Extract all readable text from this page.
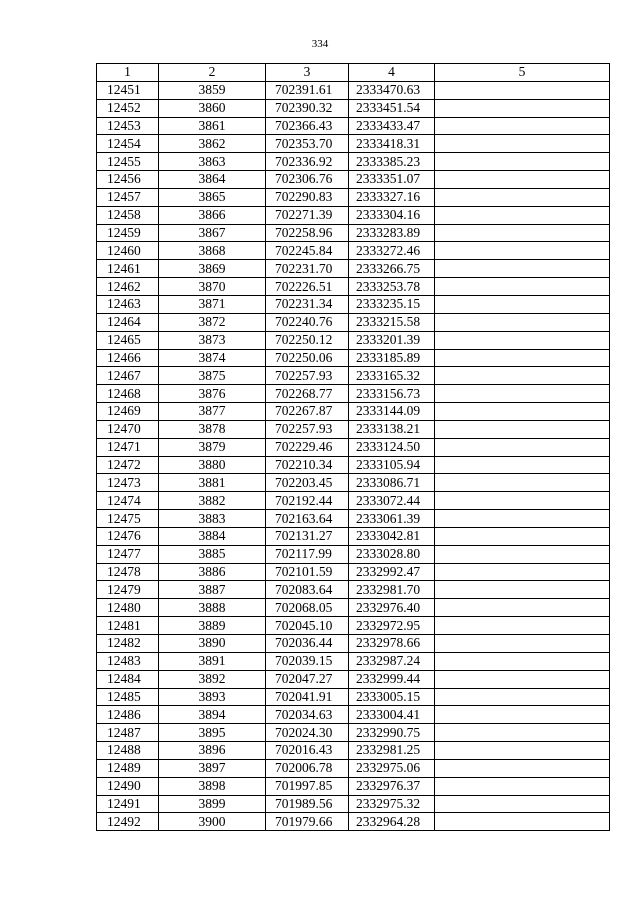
334
1	2	3	4	5
12451	3859	702391.61	2333470.63	
12452	3860	702390.32	2333451.54	
12453	3861	702366.43	2333433.47	
12454	3862	702353.70	2333418.31	
12455	3863	702336.92	2333385.23	
12456	3864	702306.76	2333351.07	
12457	3865	702290.83	2333327.16	
12458	3866	702271.39	2333304.16	
12459	3867	702258.96	2333283.89	
12460	3868	702245.84	2333272.46	
12461	3869	702231.70	2333266.75	
12462	3870	702226.51	2333253.78	
12463	3871	702231.34	2333235.15	
12464	3872	702240.76	2333215.58	
12465	3873	702250.12	2333201.39	
12466	3874	702250.06	2333185.89	
12467	3875	702257.93	2333165.32	
12468	3876	702268.77	2333156.73	
12469	3877	702267.87	2333144.09	
12470	3878	702257.93	2333138.21	
12471	3879	702229.46	2333124.50	
12472	3880	702210.34	2333105.94	
12473	3881	702203.45	2333086.71	
12474	3882	702192.44	2333072.44	
12475	3883	702163.64	2333061.39	
12476	3884	702131.27	2333042.81	
12477	3885	702117.99	2333028.80	
12478	3886	702101.59	2332992.47	
12479	3887	702083.64	2332981.70	
12480	3888	702068.05	2332976.40	
12481	3889	702045.10	2332972.95	
12482	3890	702036.44	2332978.66	
12483	3891	702039.15	2332987.24	
12484	3892	702047.27	2332999.44	
12485	3893	702041.91	2333005.15	
12486	3894	702034.63	2333004.41	
12487	3895	702024.30	2332990.75	
12488	3896	702016.43	2332981.25	
12489	3897	702006.78	2332975.06	
12490	3898	701997.85	2332976.37	
12491	3899	701989.56	2332975.32	
12492	3900	701979.66	2332964.28	
